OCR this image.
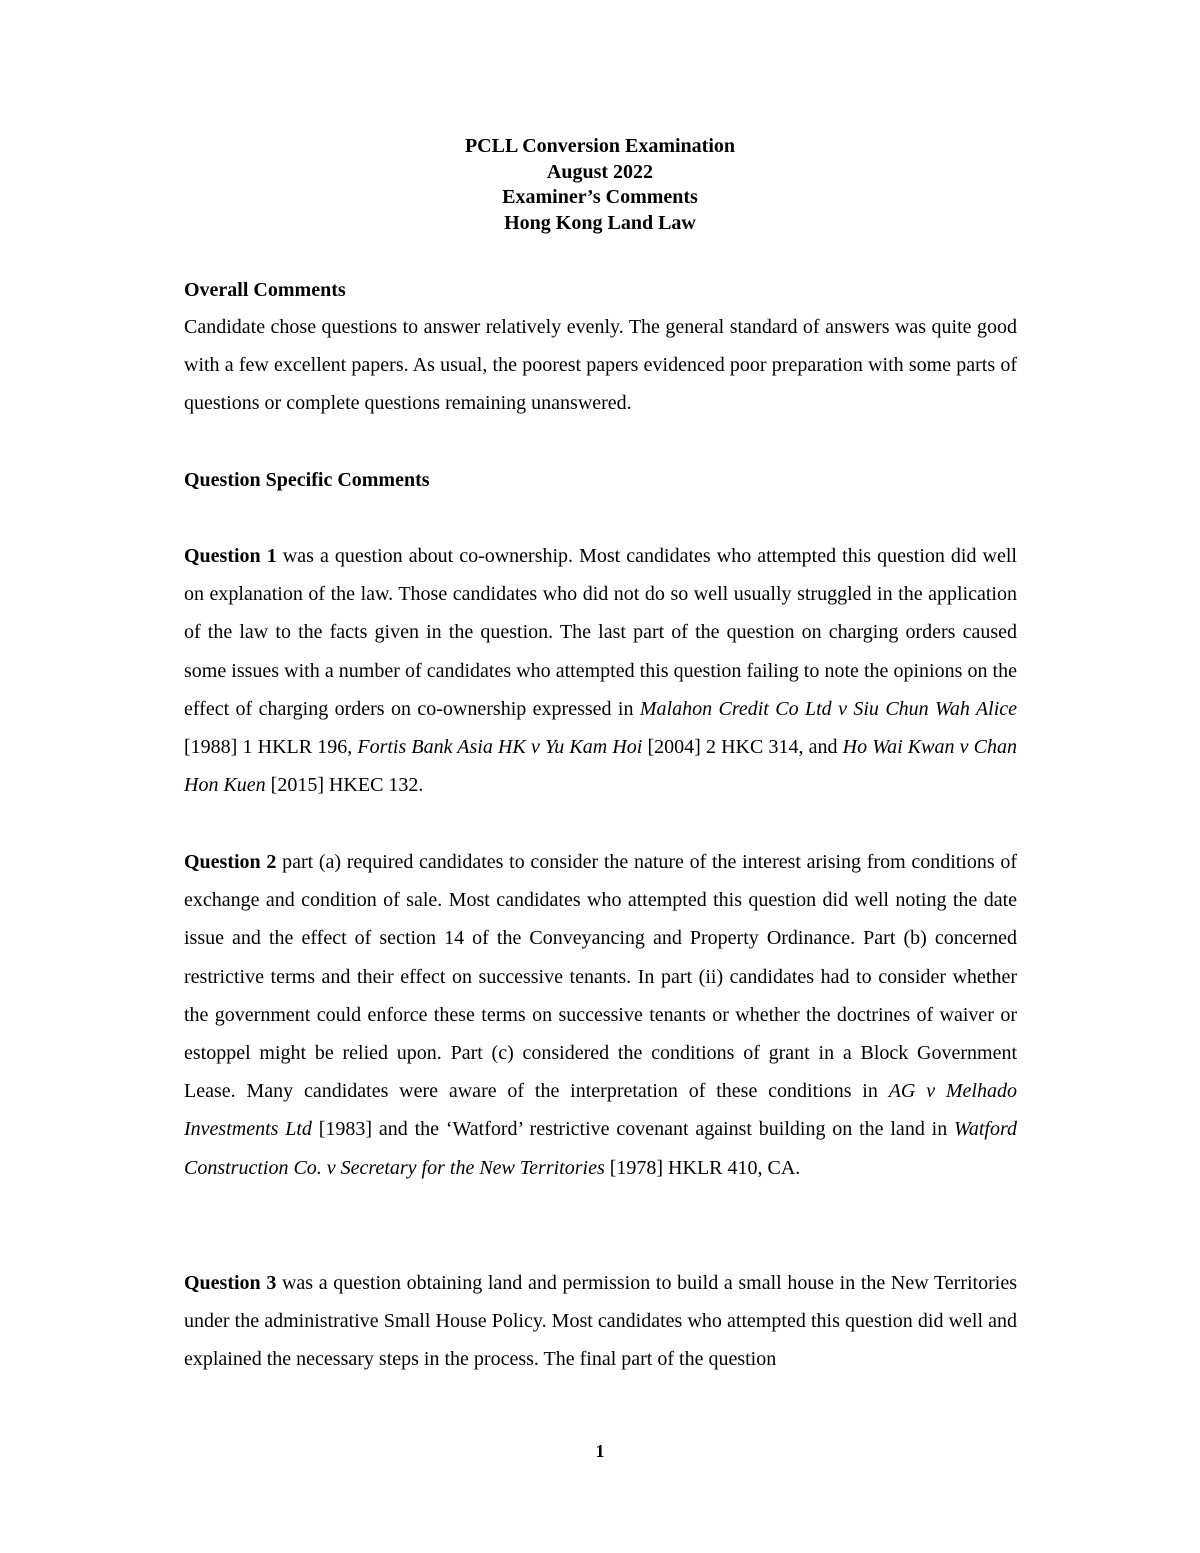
PCLL Conversion Examination
August 2022
Examiner’s Comments
Hong Kong Land Law
Overall Comments

Candidate chose questions to answer relatively evenly. The general standard of answers was quite good with a few excellent papers. As usual, the poorest papers evidenced poor preparation with some parts of questions or complete questions remaining unanswered.

Question Specific Comments

Question 1 was a question about co-ownership. Most candidates who attempted this question did well on explanation of the law. Those candidates who did not do so well usually struggled in the application of the law to the facts given in the question. The last part of the question on charging orders caused some issues with a number of candidates who attempted this question failing to note the opinions on the effect of charging orders on co-ownership expressed in Malahon Credit Co Ltd v Siu Chun Wah Alice [1988] 1 HKLR 196, Fortis Bank Asia HK v Yu Kam Hoi [2004] 2 HKC 314, and Ho Wai Kwan v Chan Hon Kuen [2015] HKEC 132.

Question 2 part (a) required candidates to consider the nature of the interest arising from conditions of exchange and condition of sale. Most candidates who attempted this question did well noting the date issue and the effect of section 14 of the Conveyancing and Property Ordinance. Part (b) concerned restrictive terms and their effect on successive tenants. In part (ii) candidates had to consider whether the government could enforce these terms on successive tenants or whether the doctrines of waiver or estoppel might be relied upon. Part (c) considered the conditions of grant in a Block Government Lease. Many candidates were aware of the interpretation of these conditions in AG v Melhado Investments Ltd [1983] and the ‘Watford’ restrictive covenant against building on the land in Watford Construction Co. v Secretary for the New Territories [1978] HKLR 410, CA.

Question 3 was a question obtaining land and permission to build a small house in the New Territories under the administrative Small House Policy. Most candidates who attempted this question did well and explained the necessary steps in the process. The final part of the question

1
